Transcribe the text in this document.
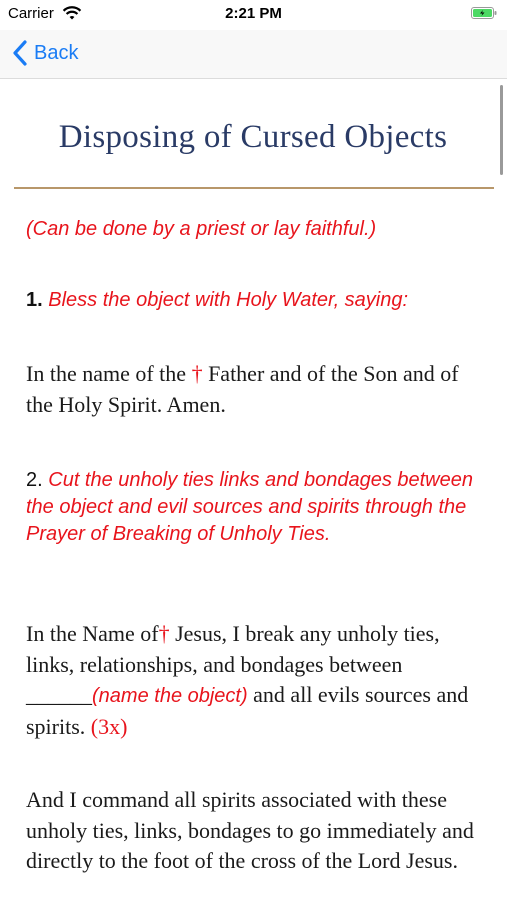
Carrier	2:21 PM
Back
Disposing of Cursed Objects
(Can be done by a priest or lay faithful.)
1. Bless the object with Holy Water, saying:
In the name of the † Father and of the Son and of the Holy Spirit. Amen.
2. Cut the unholy ties links and bondages between the object and evil sources and spirits through the Prayer of Breaking of Unholy Ties.
In the Name of† Jesus, I break any unholy ties, links, relationships, and bondages between ______(name the object) and all evils sources and spirits. (3x)
And I command all spirits associated with these unholy ties, links, bondages to go immediately and directly to the foot of the cross of the Lord Jesus.
